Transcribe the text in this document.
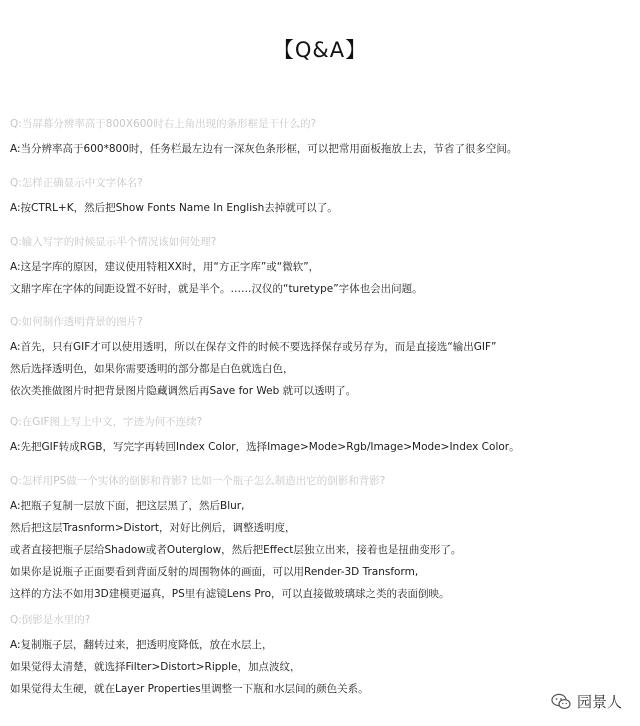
【Q&A】
Q:当屏幕分辨率高于800X600时右上角出现的条形框是干什么的?
A:当分辨率高于600*800时，任务栏最左边有一深灰色条形框，可以把常用面板拖放上去，节省了很多空间。
Q:怎样正确显示中文字体名?
A:按CTRL+K，然后把Show Fonts Name In English去掉就可以了。
Q:输入写字的时候显示半个情况该如何处理?
A:这是字库的原因，建议使用特粗XX时，用“方正字库”或“微软”，
文鼎字库在字体的间距设置不好时，就是半个。……汉仪的“turetype”字体也会出问题。
Q:如何制作透明背景的图片?
A:首先，只有GIF才可以使用透明，所以在保存文件的时候不要选择保存或另存为，而是直接选“输出GIF”
然后选择透明色，如果你需要透明的部分都是白色就选白色，
依次类推做图片时把背景图片隐藏调然后再Save for Web 就可以透明了。
Q:在GIF图上写上中文，字迹为何不连续?
A:先把GIF转成RGB，写完字再转回Index Color，选择Image>Mode>Rgb/Image>Mode>Index Color。
Q:怎样用PS做一个实体的倒影和背影? 比如一个瓶子怎么制造出它的倒影和背影?
A:把瓶子复制一层放下面，把这层黑了，然后Blur,
然后把这层Trasnform>Distort，对好比例后，调整透明度，
或者直接把瓶子层给Shadow或者Outerglow，然后把Effect层独立出来，接着也是扭曲变形了。
如果你是说瓶子正面要看到背面反射的周围物体的画面，可以用Render-3D Transform,
这样的方法不如用3D建模更逼真，PS里有滤镜Lens Pro，可以直接做玻璃球之类的表面倒映。
Q:倒影是水里的?
A:复制瓶子层，翻转过来，把透明度降低，放在水层上，
如果觉得太清楚，就选择Filter>Distort>Ripple，加点波纹，
如果觉得太生硬，就在Layer Properties里调整一下瓶和水层间的颜色关系。
园景人
